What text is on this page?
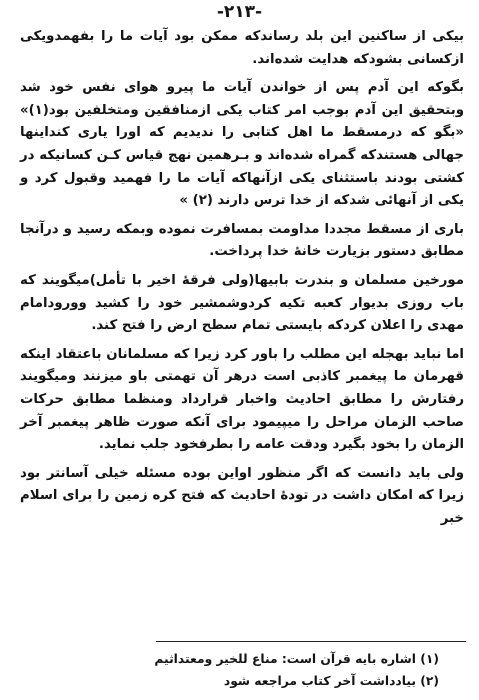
-۲۱۳-

بیکی از ساکنین این بلد رساندکه ممکن بود آیات ما را بفهمدویکی ازکسانی بشودکه هدایت شده‌اند.

بگوکه این آدم پس از خواندن آیات ما پیرو هوای نفس خود شد وبتحقیق این آدم بوجب امر کتاب یکی ازمنافقین ومتخلفین بود(۱)» «بگو که درمسقط ما اهل کتابی را ندیدیم که اورا یاری کنداینها جهالی هستندکه گمراه شده‌اند و بـرهمین نهج قیاس کـن کسانیکه در کشتی بودند باستثنای یکی ازآنهاکه آیات ما را فهمید وقبول کرد و یکی از آنهائی شدکه از خدا ترس دارند (۲) »

باری از مسقط مجددا مداومت بمسافرت نموده وبمکه رسید و درآنجا مطابق دستور بزیارت خانهٔ خدا پرداخت.

مورخین مسلمان و بندرت بابیها(ولی فرقهٔ اخیر با تأمل)میگویند که باب روزی بدیوار کعبه تکیه کردوشمشیر خود را کشید وورودامام مهدی را اعلان کردکه بایستی تمام سطح ارض را فتح کند.

اما نباید بهجله این مطلب را باور کرد زیرا که مسلمانان باعتقاد اینکه قهرمان ما پیغمبر کاذبی است درهر آن تهمتی باو میزنند ومیگویند رفتارش را مطابق احادیث واخبار قرارداد ومنظما مطابق حرکات صاحب الزمان مراحل را میپیمود برای آنکه صورت ظاهر پیغمبر آخر الزمان را بخود بگیرد ودقت عامه را بطرفخود جلب نماید.

ولی باید دانست که اگر منظور اواین بوده مسئله خیلی آسانتر بود زیرا که امکان داشت در تودهٔ احادیث که فتح کره زمین را برای اسلام خبر

(۱) اشاره بایه قرآن است: مناع للخیر ومعتداثیم

(۲) بیادداشت آخر کتاب مراجعه شود
